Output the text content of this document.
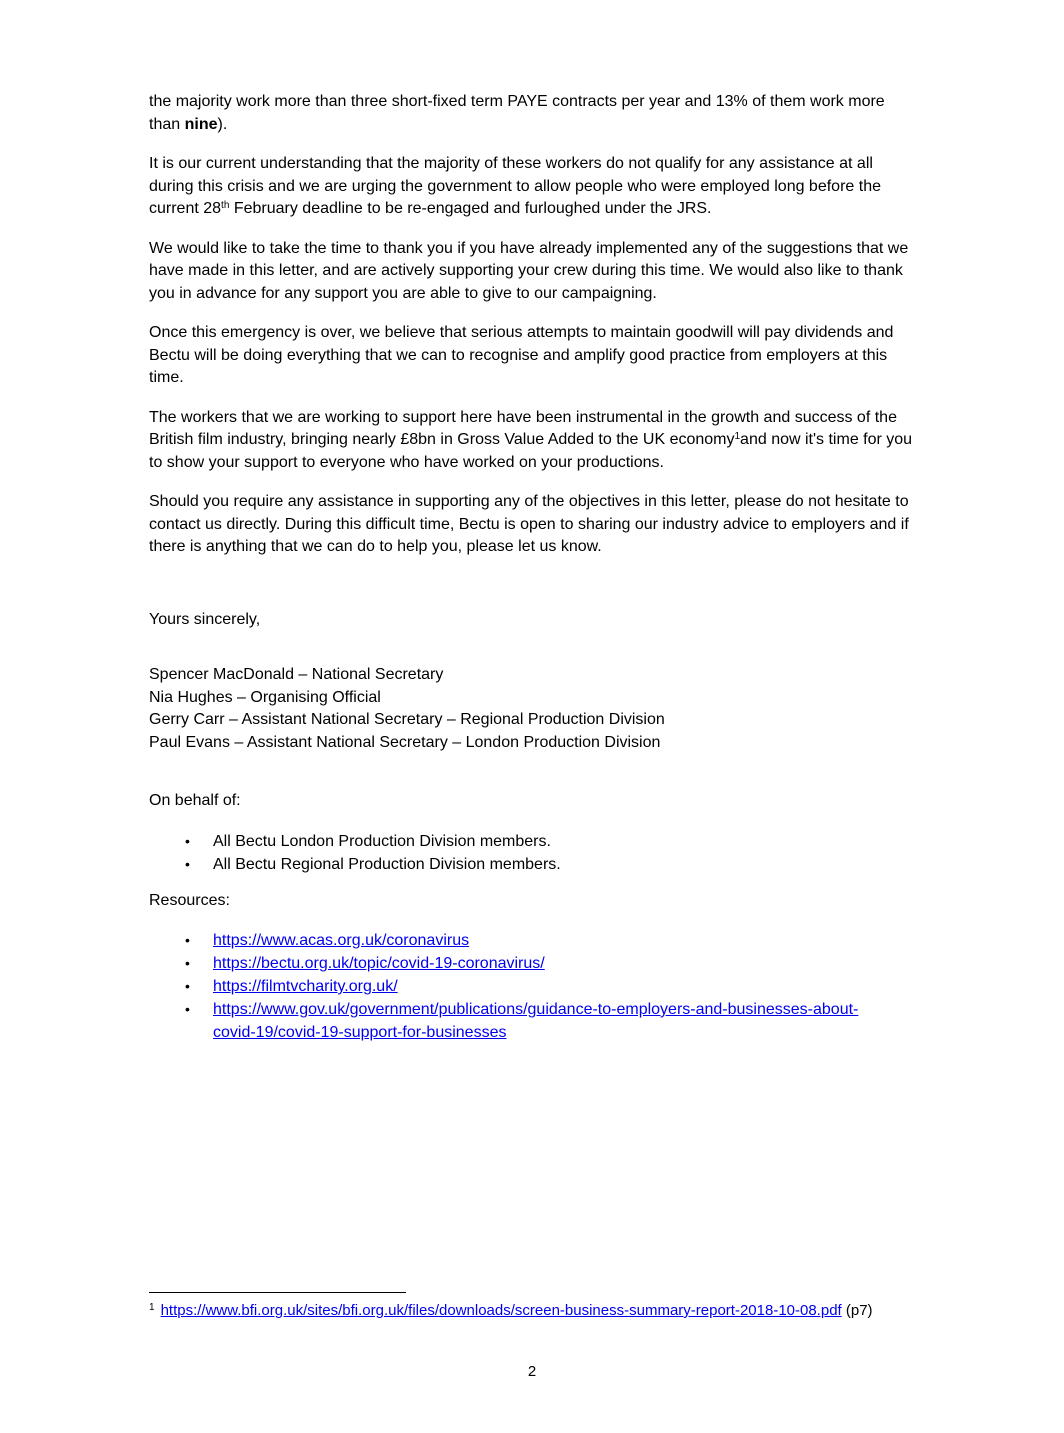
the majority work more than three short-fixed term PAYE contracts per year and 13% of them work more than nine).

It is our current understanding that the majority of these workers do not qualify for any assistance at all during this crisis and we are urging the government to allow people who were employed long before the current 28th February deadline to be re-engaged and furloughed under the JRS.

We would like to take the time to thank you if you have already implemented any of the suggestions that we have made in this letter, and are actively supporting your crew during this time. We would also like to thank you in advance for any support you are able to give to our campaigning.

Once this emergency is over, we believe that serious attempts to maintain goodwill will pay dividends and Bectu will be doing everything that we can to recognise and amplify good practice from employers at this time.

The workers that we are working to support here have been instrumental in the growth and success of the British film industry, bringing nearly £8bn in Gross Value Added to the UK economy$^1$and now it's time for you to show your support to everyone who have worked on your productions.

Should you require any assistance in supporting any of the objectives in this letter, please do not hesitate to contact us directly. During this difficult time, Bectu is open to sharing our industry advice to employers and if there is anything that we can do to help you, please let us know.

Yours sincerely,

Spencer MacDonald – National Secretary
Nia Hughes – Organising Official
Gerry Carr – Assistant National Secretary – Regional Production Division
Paul Evans – Assistant National Secretary – London Production Division
On behalf of:
•	All Bectu London Production Division members.
•	All Bectu Regional Production Division members.
Resources:
•	https://www.acas.org.uk/coronavirus
•	https://bectu.org.uk/topic/covid-19-coronavirus/
•	https://filmtvcharity.org.uk/
•	https://www.gov.uk/government/publications/guidance-to-employers-and-businesses-about-covid-19/covid-19-support-for-businesses
$^1$ https://www.bfi.org.uk/sites/bfi.org.uk/files/downloads/screen-business-summary-report-2018-10-08.pdf (p7)
2
